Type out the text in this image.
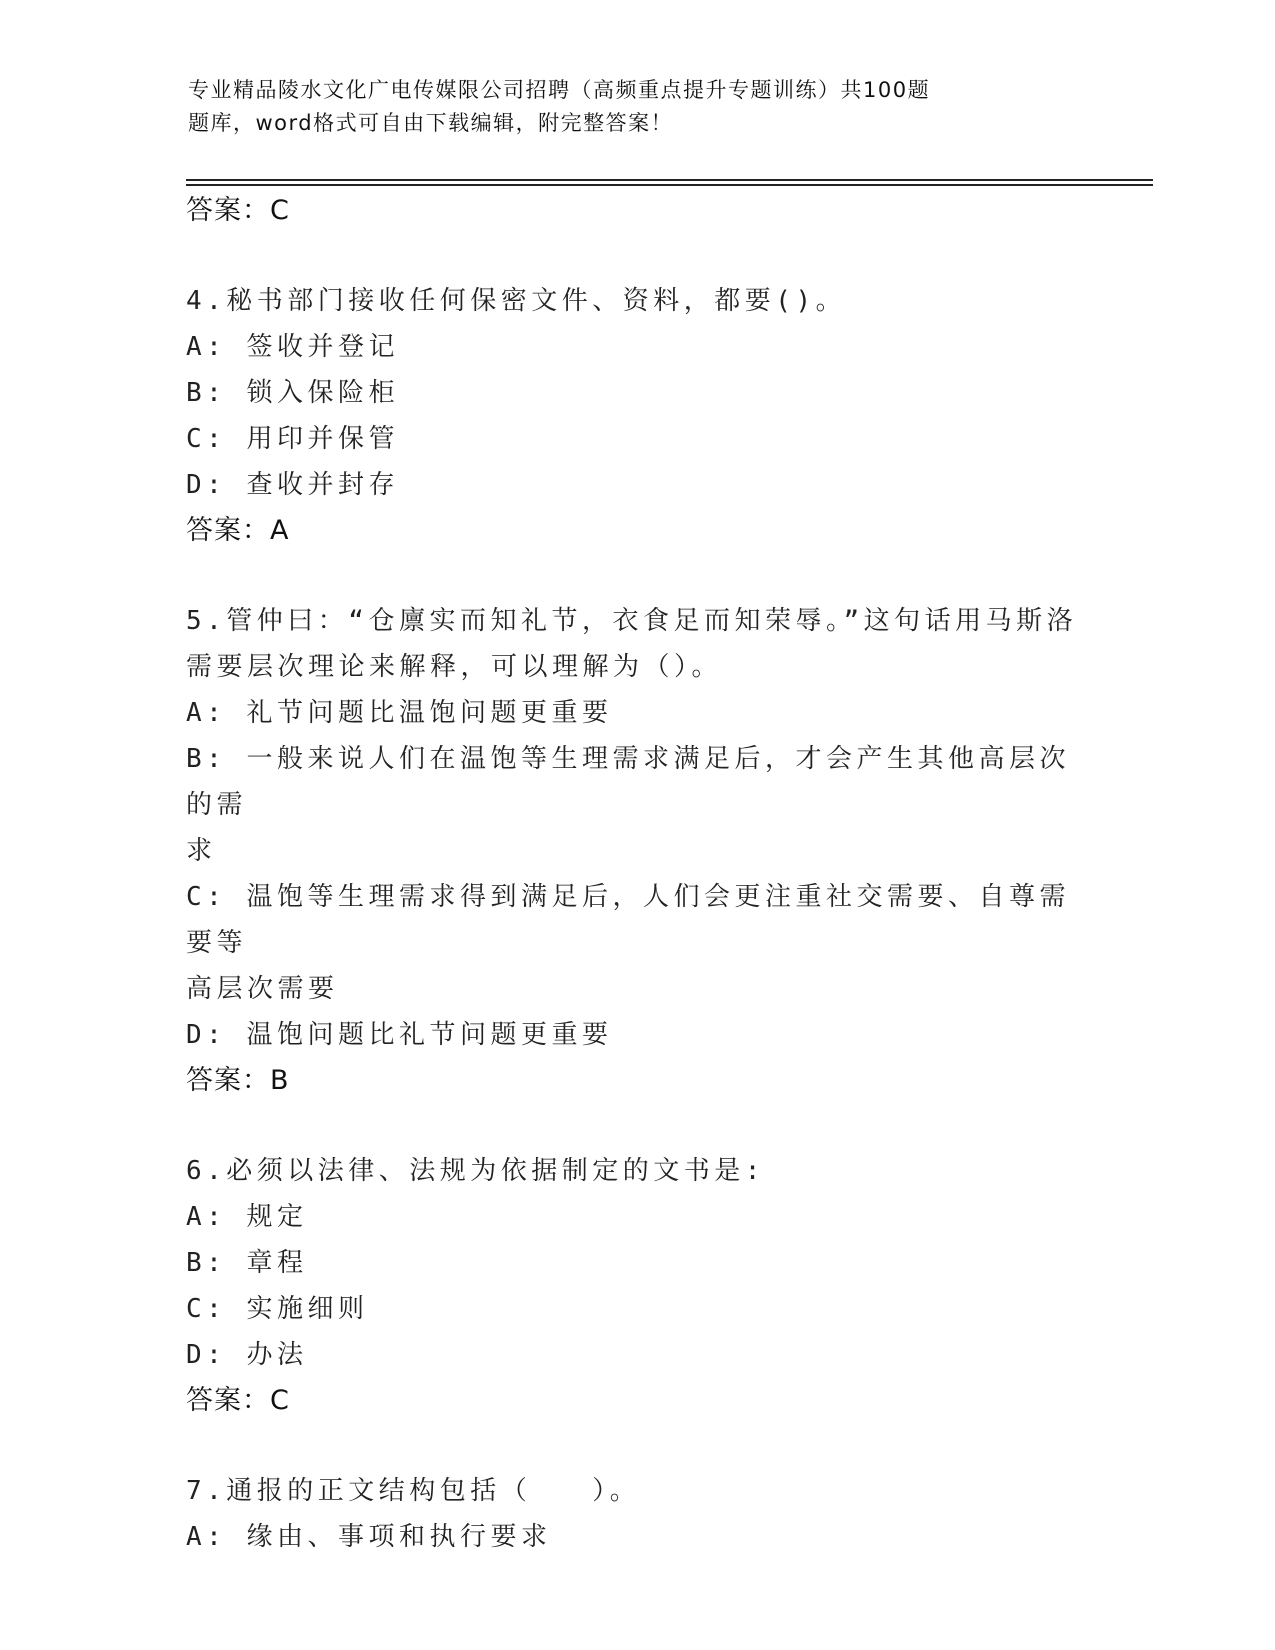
专业精品陵水文化广电传媒限公司招聘（高频重点提升专题训练）共100题
题库，word格式可自由下载编辑，附完整答案！
答案：C
4.秘书部门接收任何保密文件、资料，都要()。
A: 签收并登记
B: 锁入保险柜
C: 用印并保管
D: 查收并封存
答案：A
5.管仲曰：“仓廪实而知礼节，衣食足而知荣辱。”这句话用马斯洛
需要层次理论来解释，可以理解为（）。
A: 礼节问题比温饱问题更重要
B: 一般来说人们在温饱等生理需求满足后，才会产生其他高层次的需
求
C: 温饱等生理需求得到满足后，人们会更注重社交需要、自尊需要等
高层次需要
D: 温饱问题比礼节问题更重要
答案：B
6.必须以法律、法规为依据制定的文书是:
A: 规定
B: 章程
C: 实施细则
D: 办法
答案：C
7.通报的正文结构包括（　　）。
A: 缘由、事项和执行要求
